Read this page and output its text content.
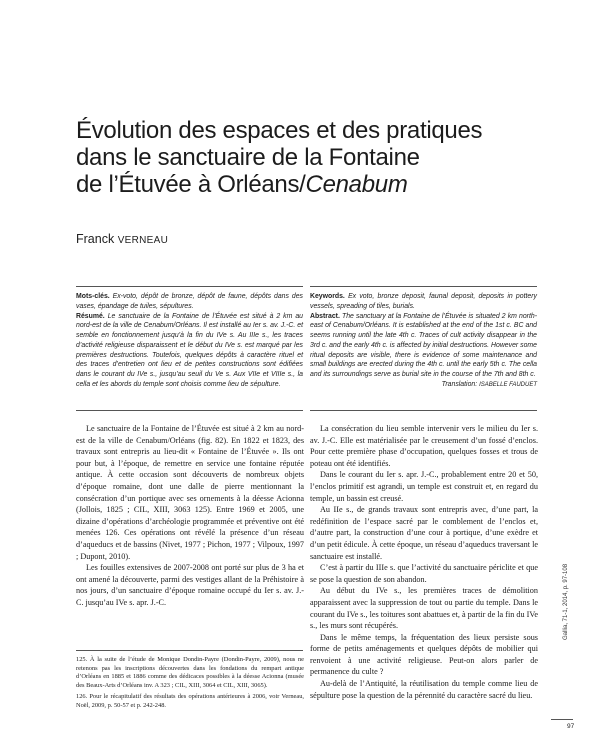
Évolution des espaces et des pratiques
dans le sanctuaire de la Fontaine
de l’Étuvée à Orléans/Cenabum
Franck VERNEAU

Mots-clés. Ex-voto, dépôt de bronze, dépôt de faune, dépôts dans des vases, épandage de tuiles, sépultures.

Résumé. Le sanctuaire de la Fontaine de l’Étuvée est situé à 2 km au nord-est de la ville de Cenabum/Orléans. Il est installé au Ier s. av. J.-C. et semble en fonctionnement jusqu’à la fin du IVe s. Au IIIe s., les traces d’activité religieuse disparaissent et le début du IVe s. est marqué par les premières destructions. Toutefois, quelques dépôts à caractère rituel et des traces d’entretien ont lieu et de petites constructions sont édifiées dans le courant du IVe s., jusqu’au seuil du Ve s. Aux VIIe et VIIIe s., la cella et les abords du temple sont choisis comme lieu de sépulture.

Keywords. Ex voto, bronze deposit, faunal deposit, deposits in pottery vessels, spreading of tiles, burials.

Abstract. The sanctuary at la Fontaine de l’Étuvée is situated 2 km north-east of Cenabum/Orléans. It is established at the end of the 1st c. BC and seems running until the late 4th c. Traces of cult activity disappear in the 3rd c. and the early 4th c. is affected by initial destructions. However some ritual deposits are visible, there is evidence of some maintenance and small buildings are erected during the 4th c. until the early 5th c. The cella and its surroundings serve as burial site in the course of the 7th and 8th c.

Translation: ISABELLE FAUDUET

Le sanctuaire de la Fontaine de l’Étuvée est situé à 2 km au nord-est de la ville de Cenabum/Orléans (fig. 82). En 1822 et 1823, des travaux sont entrepris au lieu-dit « Fontaine de l’Étuvée ». Ils ont pour but, à l’époque, de remettre en service une fontaine réputée antique. À cette occasion sont découverts de nombreux objets d’époque romaine, dont une dalle de pierre mentionnant la consécration d’un portique avec ses ornements à la déesse Acionna (Jollois, 1825 ; CIL, XIII, 3063 125). Entre 1969 et 2005, une dizaine d’opérations d’archéologie programmée et préventive ont été menées 126. Ces opérations ont révélé la présence d’un réseau d’aqueducs et de bassins (Nivet, 1977 ; Pichon, 1977 ; Vilpoux, 1997 ; Dupont, 2010).

Les fouilles extensives de 2007-2008 ont porté sur plus de 3 ha et ont amené la découverte, parmi des vestiges allant de la Préhistoire à nos jours, d’un sanctuaire d’époque romaine occupé du Ier s. av. J.-C. jusqu’au IVe s. apr. J.-C.

La consécration du lieu semble intervenir vers le milieu du Ier s. av. J.-C. Elle est matérialisée par le creusement d’un fossé d’enclos. Pour cette première phase d’occupation, quelques fosses et trous de poteau ont été identifiés.

Dans le courant du Ier s. apr. J.-C., probablement entre 20 et 50, l’enclos primitif est agrandi, un temple est construit et, en regard du temple, un bassin est creusé.

Au IIe s., de grands travaux sont entrepris avec, d’une part, la redéfinition de l’espace sacré par le comblement de l’enclos et, d’autre part, la construction d’une cour à portique, d’une exèdre et d’un petit édicule. À cette époque, un réseau d’aqueducs traversant le sanctuaire est installé.

C’est à partir du IIIe s. que l’activité du sanctuaire périclite et que se pose la question de son abandon.

Au début du IVe s., les premières traces de démolition apparaissent avec la suppression de tout ou partie du temple. Dans le courant du IVe s., les toitures sont abattues et, à partir de la fin du IVe s., les murs sont récupérés.

Dans le même temps, la fréquentation des lieux persiste sous forme de petits aménagements et quelques dépôts de mobilier qui renvoient à une activité religieuse. Peut-on alors parler de permanence du culte ?

Au-delà de l’Antiquité, la réutilisation du temple comme lieu de sépulture pose la question de la pérennité du caractère sacré du lieu.

125. À la suite de l’étude de Monique Dondin-Payre (Dondin-Payre, 2009), nous ne retenons pas les inscriptions découvertes dans les fondations du rempart antique d’Orléans en 1885 et 1886 comme des dédicaces possibles à la déesse Acionna (musée des Beaux-Arts d’Orléans inv. A 323 ; CIL, XIII, 3064 et CIL, XIII, 3065).

126. Pour le récapitulatif des résultats des opérations antérieures à 2006, voir Verneau, Noël, 2009, p. 50-57 et p. 242-248.

Gallia, 71-1, 2014, p. 97-108
97
